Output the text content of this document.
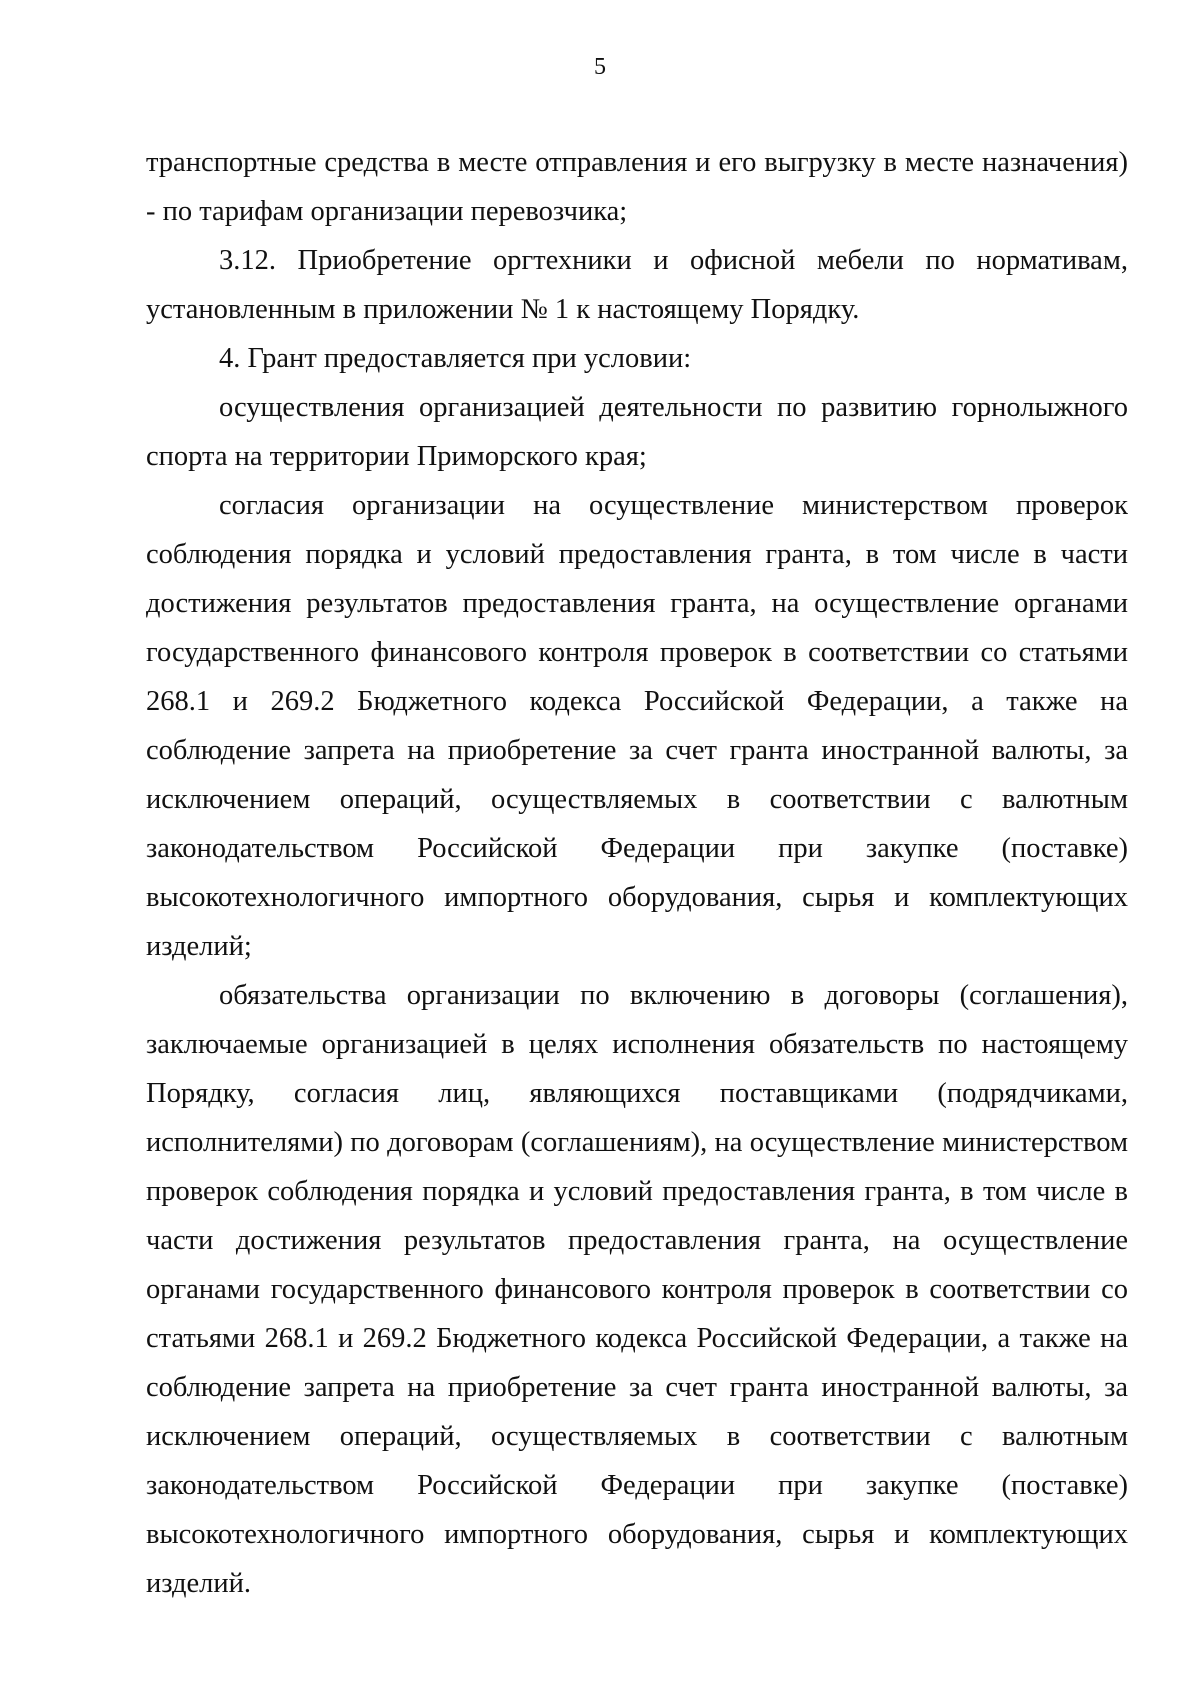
5

транспортные средства в месте отправления и его выгрузку в месте назначения) - по тарифам организации перевозчика;

3.12. Приобретение оргтехники и офисной мебели по нормативам, установленным в приложении № 1 к настоящему Порядку.

4. Грант предоставляется при условии:

осуществления организацией деятельности по развитию горнолыжного спорта на территории Приморского края;

согласия организации на осуществление министерством проверок соблюдения порядка и условий предоставления гранта, в том числе в части достижения результатов предоставления гранта, на осуществление органами государственного финансового контроля проверок в соответствии со статьями 268.1 и 269.2 Бюджетного кодекса Российской Федерации, а также на соблюдение запрета на приобретение за счет гранта иностранной валюты, за исключением операций, осуществляемых в соответствии с валютным законодательством Российской Федерации при закупке (поставке) высокотехнологичного импортного оборудования, сырья и комплектующих изделий;

обязательства организации по включению в договоры (соглашения), заключаемые организацией в целях исполнения обязательств по настоящему Порядку, согласия лиц, являющихся поставщиками (подрядчиками, исполнителями) по договорам (соглашениям), на осуществление министерством проверок соблюдения порядка и условий предоставления гранта, в том числе в части достижения результатов предоставления гранта, на осуществление органами государственного финансового контроля проверок в соответствии со статьями 268.1 и 269.2 Бюджетного кодекса Российской Федерации, а также на соблюдение запрета на приобретение за счет гранта иностранной валюты, за исключением операций, осуществляемых в соответствии с валютным законодательством Российской Федерации при закупке (поставке) высокотехнологичного импортного оборудования, сырья и комплектующих изделий.
